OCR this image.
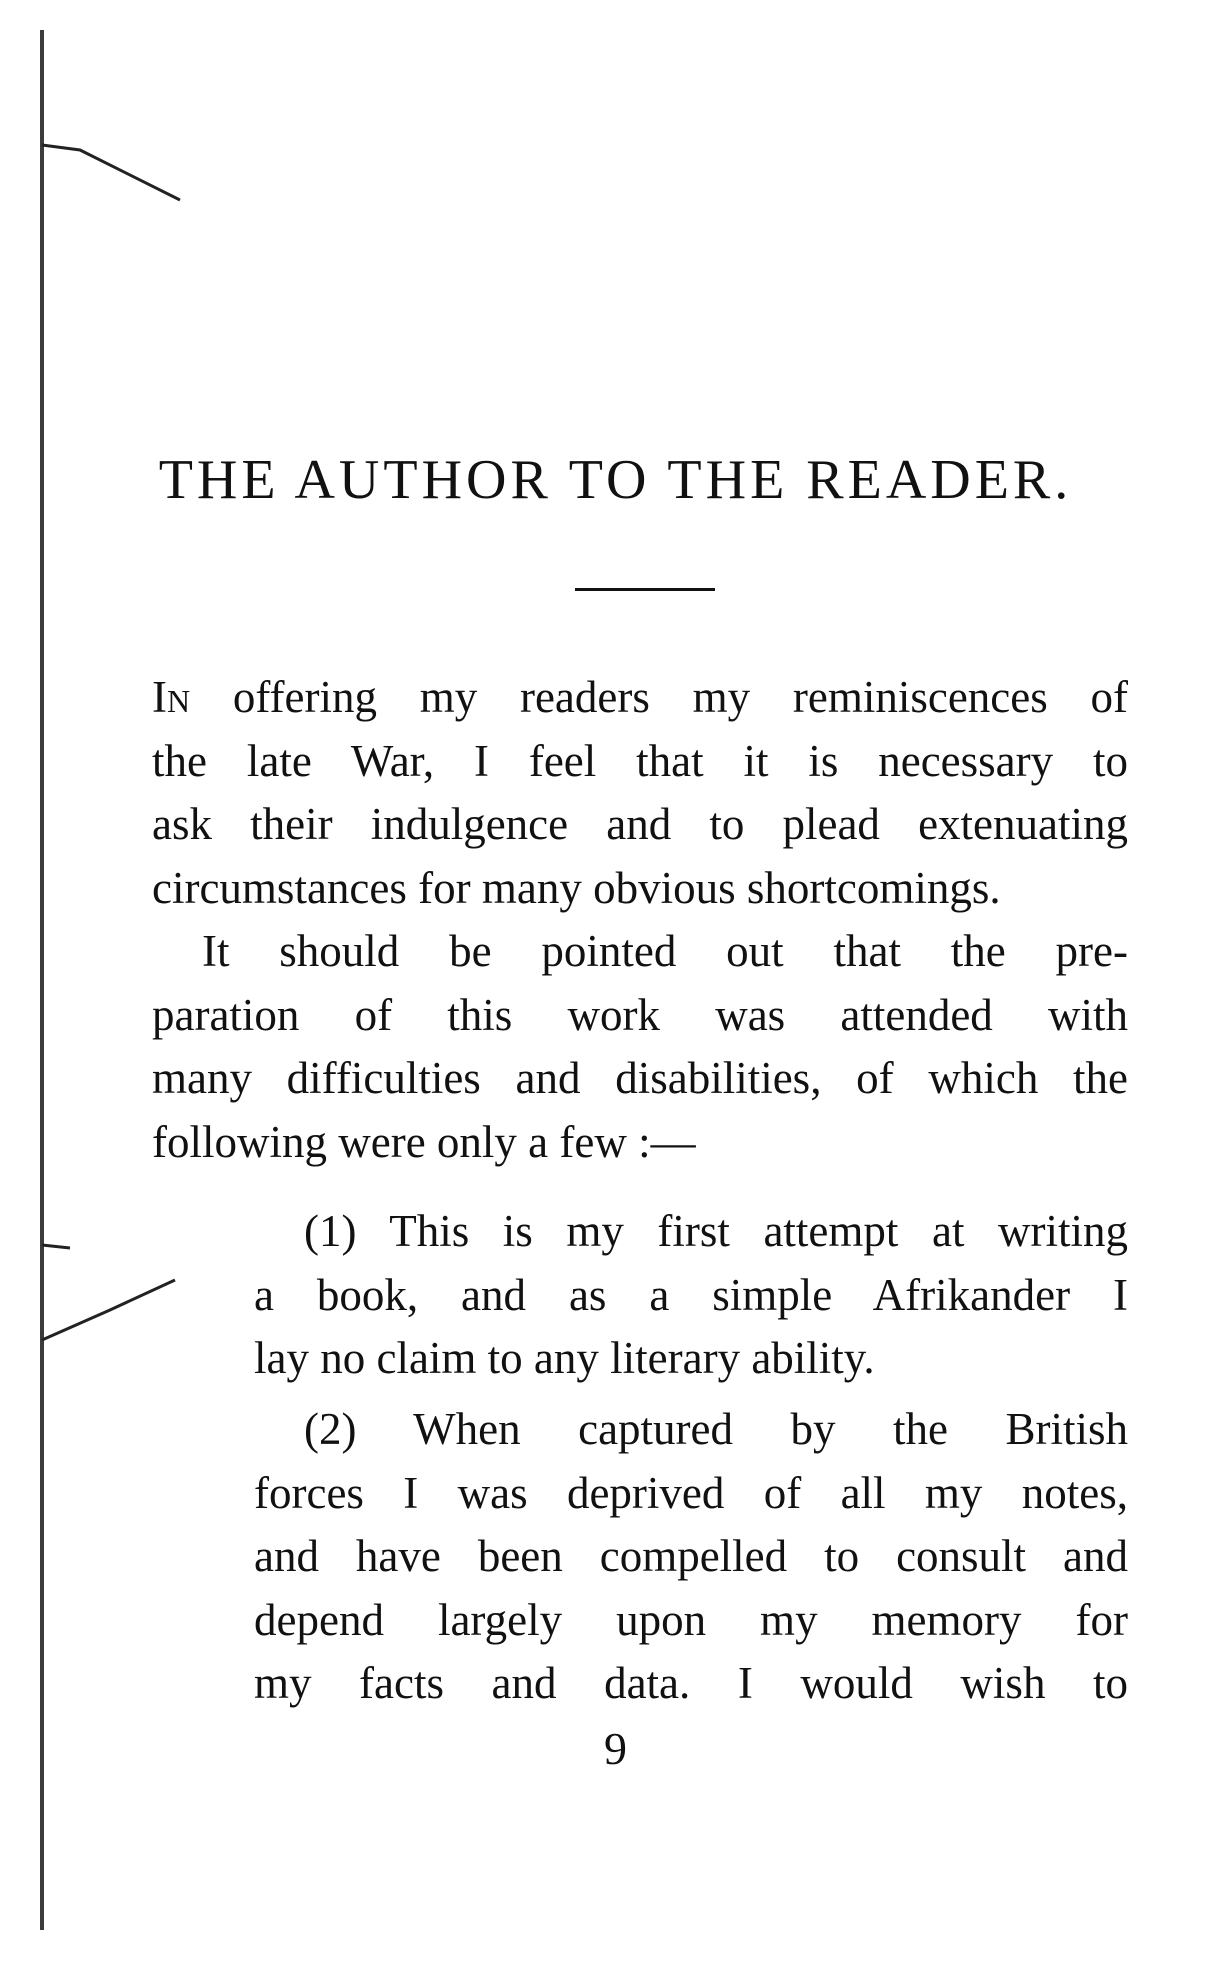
THE AUTHOR TO THE READER.

In offering my readers my reminiscences of
the late War, I feel that it is necessary to
ask their indulgence and to plead extenuating
circumstances for many obvious shortcomings.

It should be pointed out that the pre-
paration of this work was attended with
many difficulties and disabilities, of which the
following were only a few :—

(1) This is my first attempt at writing
a book, and as a simple Afrikander I
lay no claim to any literary ability.

(2) When captured by the British
forces I was deprived of all my notes,
and have been compelled to consult and
depend largely upon my memory for
my facts and data. I would wish to

9
